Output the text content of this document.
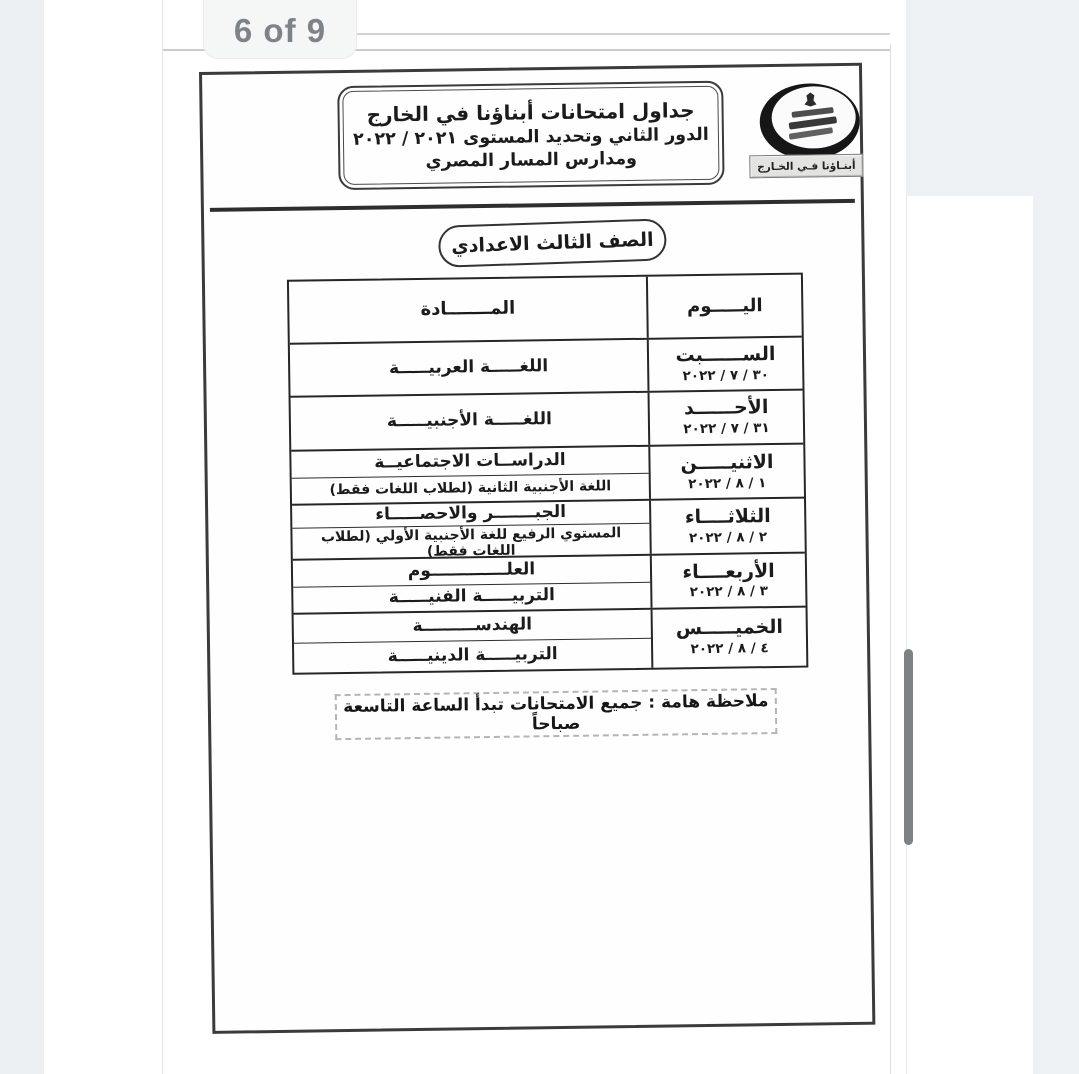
6 of 9
جداول امتحانات أبناؤنا في الخارج
الدور الثاني وتحديد المستوى ٢٠٢١ / ٢٠٢٢
ومدارس المسار المصري	أبنـاؤنا فـي الخـارج
الصف الثالث الاعدادي
اليـــــوم
المـــــــادة
الســــــبت
٣٠ / ٧ / ٢٠٢٢
اللغـــــة العربيـــــة
الأحــــــد
٣١ / ٧ / ٢٠٢٢
اللغـــــة الأجنبيـــــة
الاثنيـــــن
١ / ٨ / ٢٠٢٢
الدراســات الاجتماعيــة
اللغة الأجنبية الثانية (لطلاب اللغات فقط)
الثلاثــــاء
٢ / ٨ / ٢٠٢٢
الجبـــــــر والاحصـــــاء
المستوي الرفيع للغة الأجنبية الأولي (لطلاب اللغات فقط)
الأربعــــاء
٣ / ٨ / ٢٠٢٢
العلـــــــــــــوم
التربيـــــة الفنيـــــة
الخميـــــس
٤ / ٨ / ٢٠٢٢
الهندســـــــــة
التربيـــــة الدينيـــــة
ملاحظة هامة : جميع الامتحانات تبدأ الساعة التاسعة صباحاً
